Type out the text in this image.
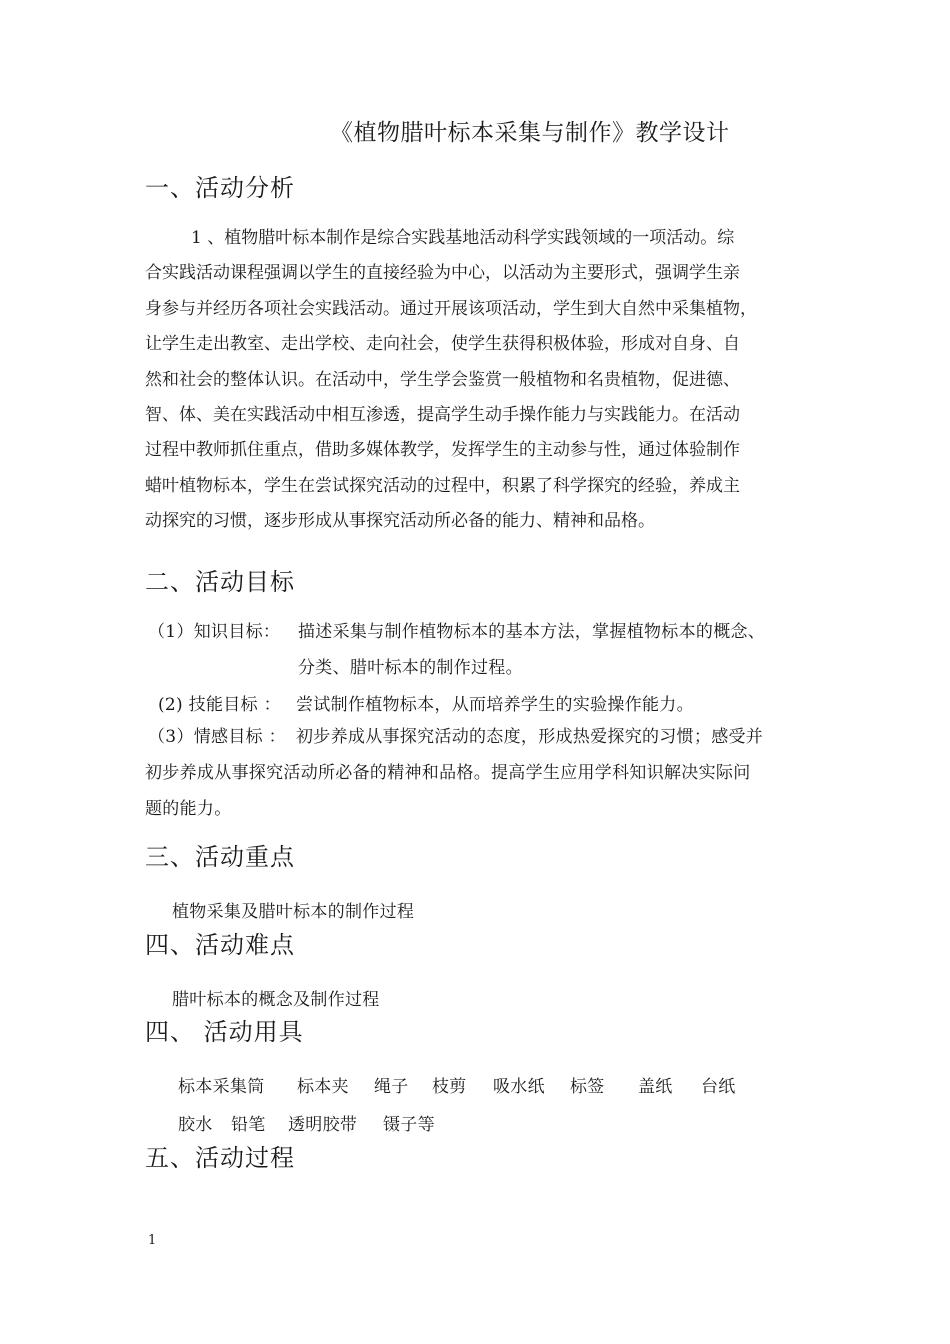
《植物腊叶标本采集与制作》教学设计
一、活动分析
1 、植物腊叶标本制作是综合实践基地活动科学实践领域的一项活动。综
合实践活动课程强调以学生的直接经验为中心，以活动为主要形式，强调学生亲
身参与并经历各项社会实践活动。通过开展该项活动，学生到大自然中采集植物，
让学生走出教室、走出学校、走向社会，使学生获得积极体验，形成对自身、自
然和社会的整体认识。在活动中，学生学会鉴赏一般植物和名贵植物，促进德、
智、体、美在实践活动中相互渗透，提高学生动手操作能力与实践能力。在活动
过程中教师抓住重点，借助多媒体教学，发挥学生的主动参与性，通过体验制作
蜡叶植物标本，学生在尝试探究活动的过程中，积累了科学探究的经验，养成主
动探究的习惯，逐步形成从事探究活动所必备的能力、精神和品格。
二、活动目标
（1）知识目标： 描述采集与制作植物标本的基本方法，掌握植物标本的概念、
分类、腊叶标本的制作过程。
(2) 技能目标 ： 尝试制作植物标本，从而培养学生的实验操作能力。
（3）情感目标 ： 初步养成从事探究活动的态度，形成热爱探究的习惯；感受并
初步养成从事探究活动所必备的精神和品格。提高学生应用学科知识解决实际问
题的能力。
三、活动重点
植物采集及腊叶标本的制作过程
四、活动难点
腊叶标本的概念及制作过程
四、 活动用具
标本采集筒 标本夹 绳子 枝剪 吸水纸 标签 盖纸 台纸
胶水 铅笔 透明胶带 镊子等
五、活动过程
1
